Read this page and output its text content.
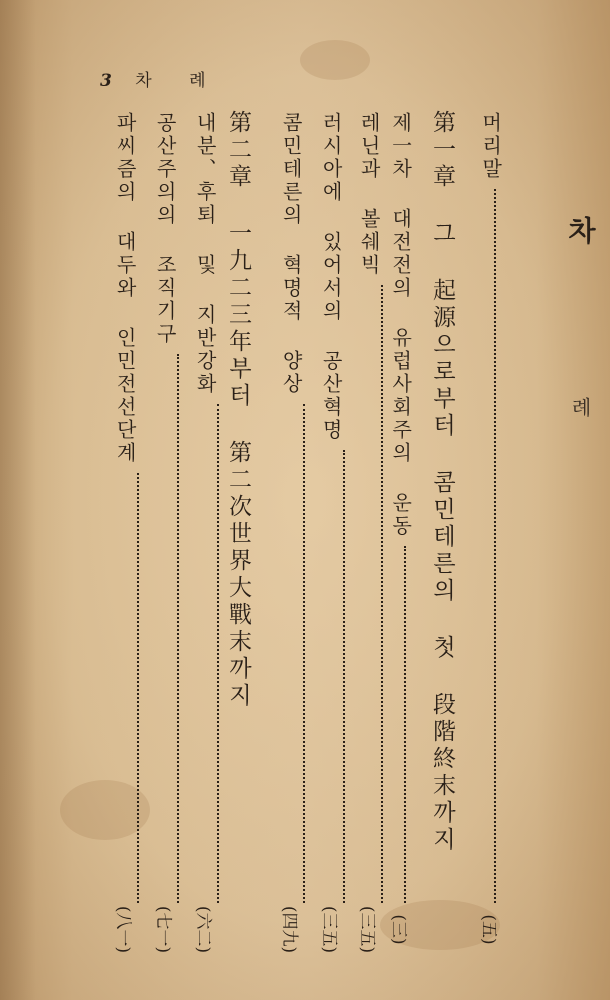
3 차 례
차 례
머리말
(五)
第一章 그 起源으로부터 콤민테른의 첫 段階終末까지
제一차 대전전의 유럽사회주의 운동
(三)
레닌과 볼쉐빅
(三五)
러시아에 있어서의 공산혁명
(三五)
콤민테른의 혁명적 양상
(四九)
第二章 一九二三年부터 第二次世界大戰末까지
내분、후퇴 및 지반강화
(六二)
공산주의의 조직기구
(七一)
파씨즘의 대두와 인민전선단계
(八一)
